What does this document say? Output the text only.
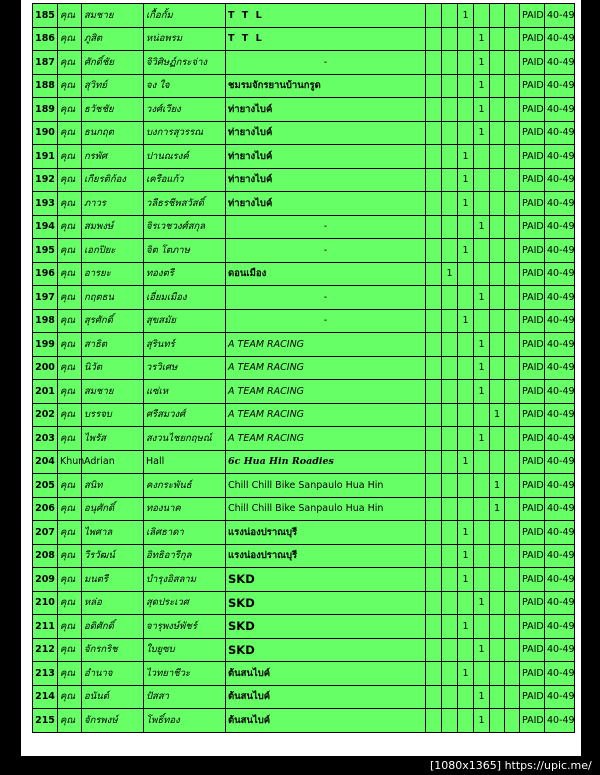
185	คุณ	สมชาย	เกื้อกั้ม	T T L			1				PAID	40-49
186	คุณ	ภูสิต	หน่อพรม	T T L				1			PAID	40-49
187	คุณ	ศักดิ์ชัย	จิวิศิษฏ์กระจ่าง	-				1			PAID	40-49
188	คุณ	สุวิทย์	จง ใจ	ชมรมจักรยานบ้านกรูด				1			PAID	40-49
189	คุณ	ธวัชชัย	วงศ์เวียง	ท่ายางไบค์				1			PAID	40-49
190	คุณ	ธนกฤต	บงการสุวรรณ	ท่ายางไบค์				1			PAID	40-49
191	คุณ	กรพัศ	ปานณรงค์	ท่ายางไบค์			1				PAID	40-49
192	คุณ	เกียรติก้อง	เครือแก้ว	ท่ายางไบค์			1				PAID	40-49
193	คุณ	ภาวร	วลีธรชีพสวัสดิ์	ท่ายางไบค์			1				PAID	40-49
194	คุณ	สมพงษ์	จิรเวชวงศ์สกุล	-				1			PAID	40-49
195	คุณ	เอกปิยะ	จิต โตภาษ	-			1				PAID	40-49
196	คุณ	อารยะ	ทองตรี	ดอนเมือง		1					PAID	40-49
197	คุณ	กฤตธน	เอี่ยมเมือง	-				1			PAID	40-49
198	คุณ	สุรศักดิ์	สุขสมัย	-			1				PAID	40-49
199	คุณ	สาธิต	สุรินทร์	A TEAM RACING				1			PAID	40-49
200	คุณ	นิวัต	วรวิเศษ	A TEAM RACING				1			PAID	40-49
201	คุณ	สมชาย	แซ่เห	A TEAM RACING				1			PAID	40-49
202	คุณ	บรรจบ	ศรีสมวงศ์	A TEAM RACING					1		PAID	40-49
203	คุณ	ไพรัส	สงวนไชยกฤษณ์	A TEAM RACING				1			PAID	40-49
204	Khun	Adrian	Hall	6c Hua Hin Roadies			1				PAID	40-49
205	คุณ	สนิท	คงกระพันธ์	Chill Chill Bike Sanpaulo Hua Hin					1		PAID	40-49
206	คุณ	อนุศักดิ์	ทองนาค	Chill Chill Bike Sanpaulo Hua Hin					1		PAID	40-49
207	คุณ	ไพศาล	เลิศธาดา	แรงน่องปราณบุรี			1				PAID	40-49
208	คุณ	วีรวัฒน์	อิทธิอารีกุล	แรงน่องปราณบุรี			1				PAID	40-49
209	คุณ	มนตรี	บำรุงอิสลาม	SKD			1				PAID	40-49
210	คุณ	หล่อ	สุดประเวศ	SKD				1			PAID	40-49
211	คุณ	อดิศักดิ์	จารุพงษ์พัชร์	SKD			1				PAID	40-49
212	คุณ	จักรกริช	ใบยูซบ	SKD				1			PAID	40-49
213	คุณ	อำนาจ	ไวทยาชีวะ	ต้นสนไบค์			1				PAID	40-49
214	คุณ	อนันต์	ปัสสา	ต้นสนไบค์				1			PAID	40-49
215	คุณ	จักรพงษ์	โพธิ์ทอง	ต้นสนไบค์				1			PAID	40-49
[1080x1365] https://upic.me/
